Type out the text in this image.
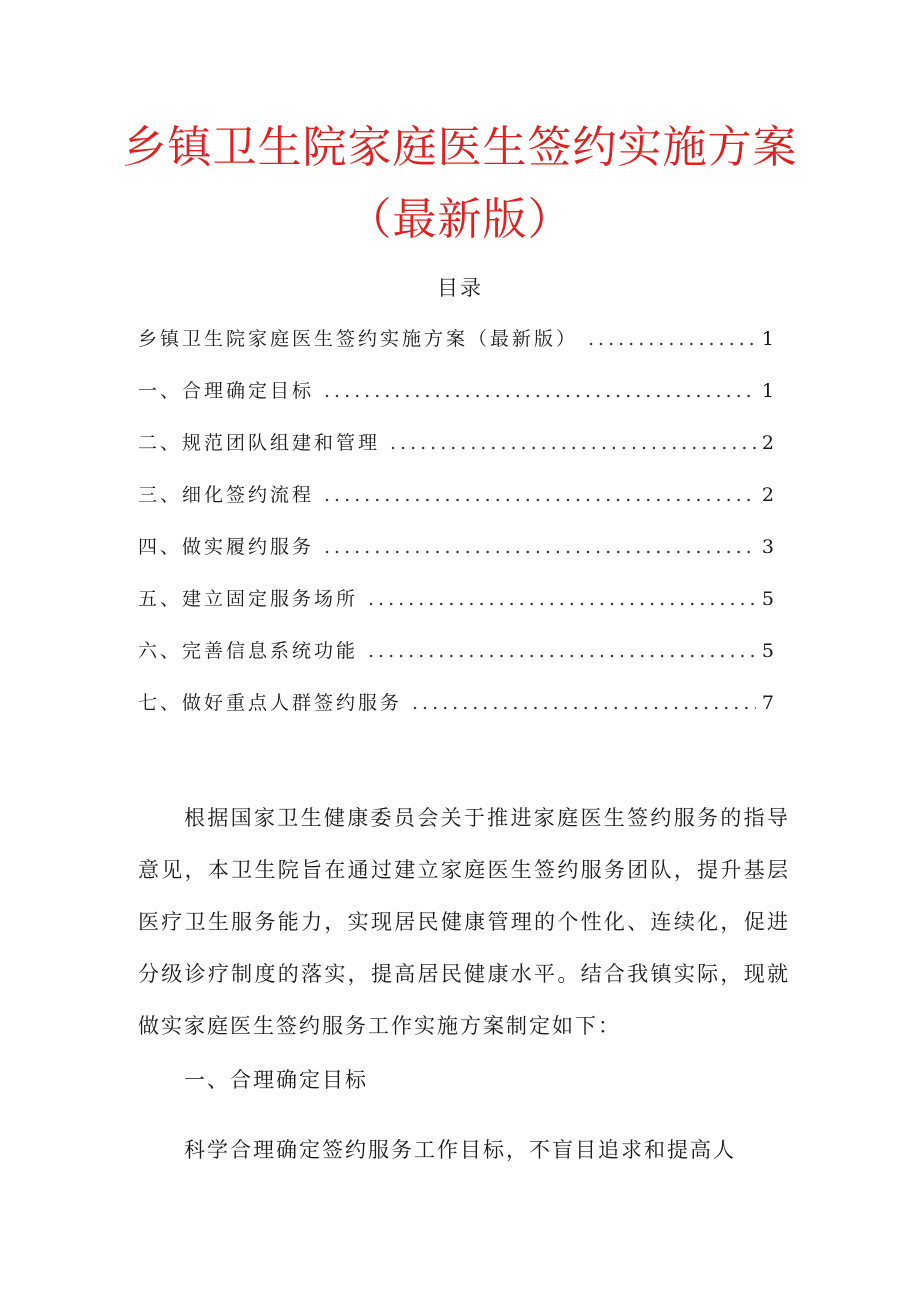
乡镇卫生院家庭医生签约实施方案
（最新版）
目录
乡镇卫生院家庭医生签约实施方案（最新版） .....	1
一、合理确定目标 .....	1
二、规范团队组建和管理 .....	2
三、细化签约流程 .....	2
四、做实履约服务 .....	3
五、建立固定服务场所 .....	5
六、完善信息系统功能 .....	5
七、做好重点人群签约服务 .....	7

根据国家卫生健康委员会关于推进家庭医生签约服务的指导意见，本卫生院旨在通过建立家庭医生签约服务团队，提升基层医疗卫生服务能力，实现居民健康管理的个性化、连续化，促进分级诊疗制度的落实，提高居民健康水平。结合我镇实际，现就做实家庭医生签约服务工作实施方案制定如下：

一、合理确定目标

科学合理确定签约服务工作目标，不盲目追求和提高人
